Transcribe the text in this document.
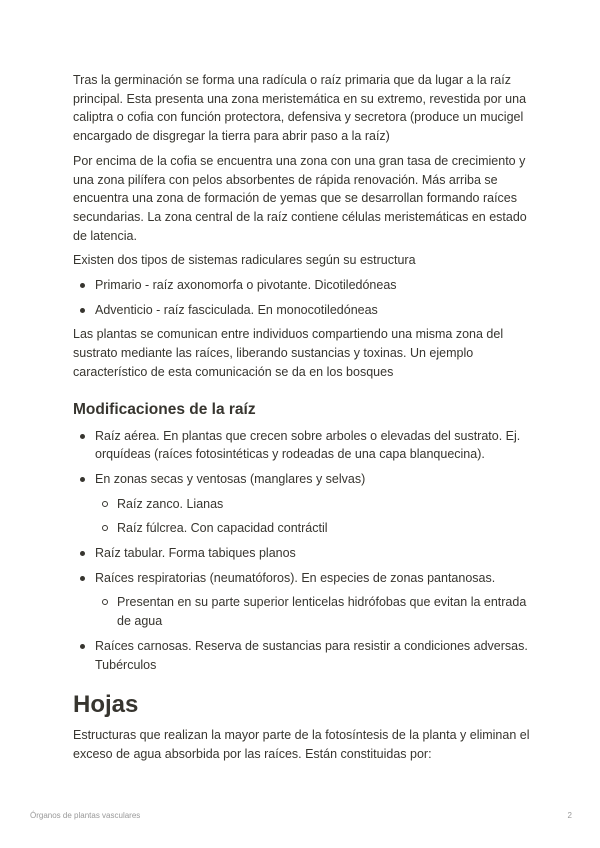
Tras la germinación se forma una radícula o raíz primaria que da lugar a la raíz principal. Esta presenta una zona meristemática en su extremo, revestida por una caliptra o cofia con función protectora, defensiva y secretora (produce un mucigel encargado de disgregar la tierra para abrir paso a la raíz)

Por encima de la cofia se encuentra una zona con una gran tasa de crecimiento y una zona pilífera con pelos absorbentes de rápida renovación. Más arriba se encuentra una zona de formación de yemas que se desarrollan formando raíces secundarias. La zona central de la raíz contiene células meristemáticas en estado de latencia.

Existen dos tipos de sistemas radiculares según su estructura

Primario - raíz axonomorfa o pivotante. Dicotiledóneas
Adventicio - raíz fasciculada. En monocotiledóneas

Las plantas se comunican entre individuos compartiendo una misma zona del sustrato mediante las raíces, liberando sustancias y toxinas. Un ejemplo característico de esta comunicación se da en los bosques

Modificaciones de la raíz
Raíz aérea. En plantas que crecen sobre arboles o elevadas del sustrato. Ej. orquídeas (raíces fotosintéticas y rodeadas de una capa blanquecina).
En zonas secas y ventosas (manglares y selvas)
Raíz zanco. Lianas
Raíz fúlcrea. Con capacidad contráctil
Raíz tabular. Forma tabiques planos
Raíces respiratorias (neumatóforos). En especies de zonas pantanosas.
Presentan en su parte superior lenticelas hidrófobas que evitan la entrada de agua
Raíces carnosas. Reserva de sustancias para resistir a condiciones adversas. Tubérculos
Hojas

Estructuras que realizan la mayor parte de la fotosíntesis de la planta y eliminan el exceso de agua absorbida por las raíces. Están constituidas por:

Órganos de plantas vasculares	2
